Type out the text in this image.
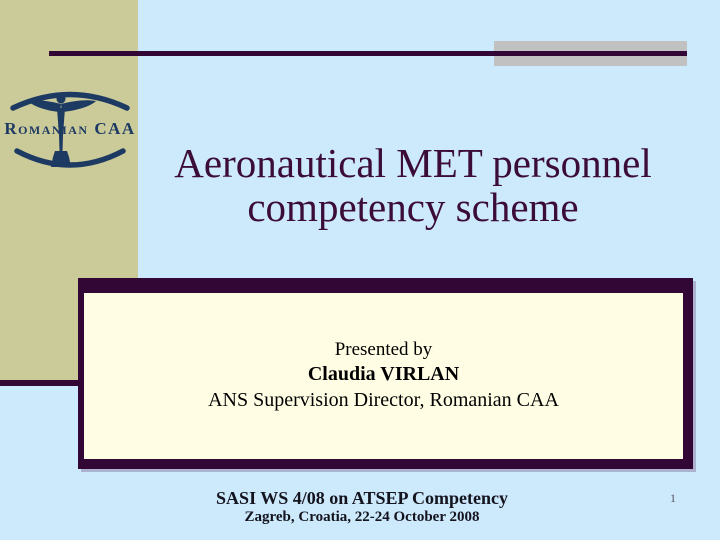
Romanian CAA
Aeronautical MET personnel
competency scheme
Presented by
Claudia VIRLAN
ANS Supervision Director, Romanian CAA
SASI WS 4/08 on ATSEP Competency
Zagreb, Croatia, 22-24 October 2008
1
